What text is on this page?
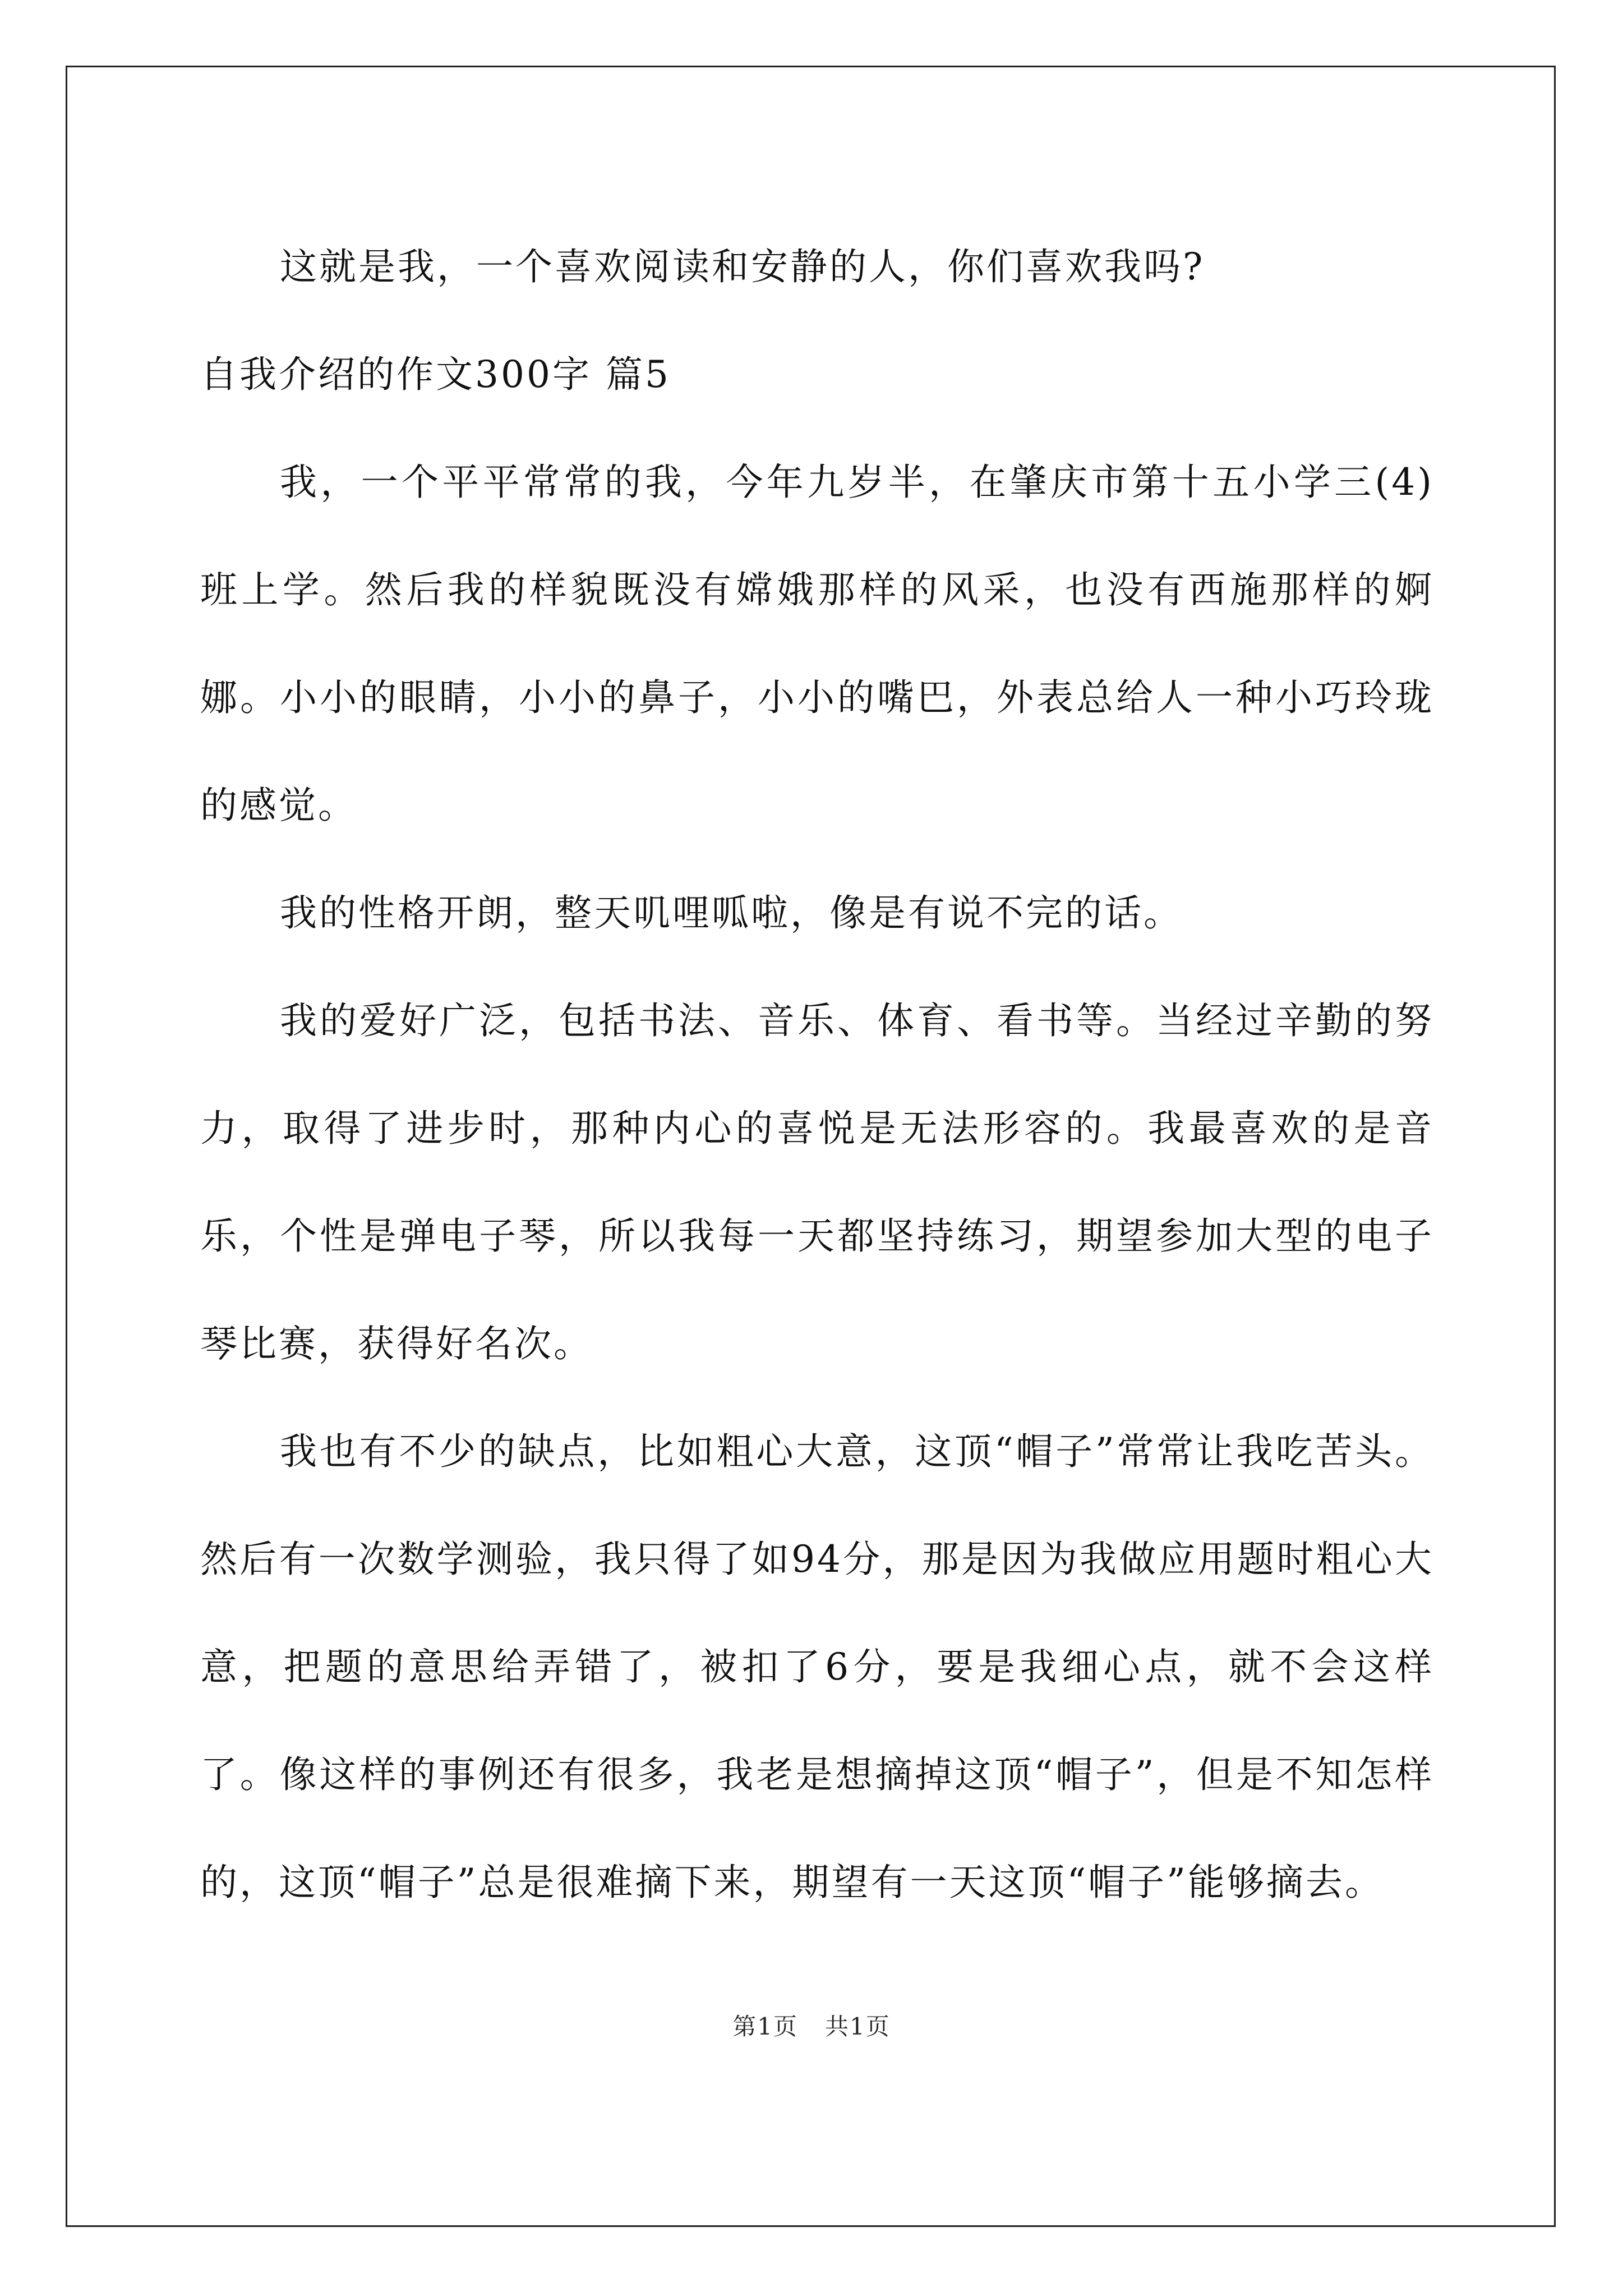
这就是我，一个喜欢阅读和安静的人，你们喜欢我吗?

自我介绍的作文300字 篇5

我，一个平平常常的我，今年九岁半，在肇庆市第十五小学三(4)班上学。然后我的样貌既没有嫦娥那样的风采，也没有西施那样的婀娜。小小的眼睛，小小的鼻子，小小的嘴巴，外表总给人一种小巧玲珑的感觉。

我的性格开朗，整天叽哩呱啦，像是有说不完的话。

我的爱好广泛，包括书法、音乐、体育、看书等。当经过辛勤的努力，取得了进步时，那种内心的喜悦是无法形容的。我最喜欢的是音乐，个性是弹电子琴，所以我每一天都坚持练习，期望参加大型的电子琴比赛，获得好名次。

我也有不少的缺点，比如粗心大意，这顶“帽子”常常让我吃苦头。然后有一次数学测验，我只得了如94分，那是因为我做应用题时粗心大意，把题的意思给弄错了，被扣了6分，要是我细心点，就不会这样了。像这样的事例还有很多，我老是想摘掉这顶“帽子”，但是不知怎样的，这顶“帽子”总是很难摘下来，期望有一天这顶“帽子”能够摘去。

第1页 共1页
